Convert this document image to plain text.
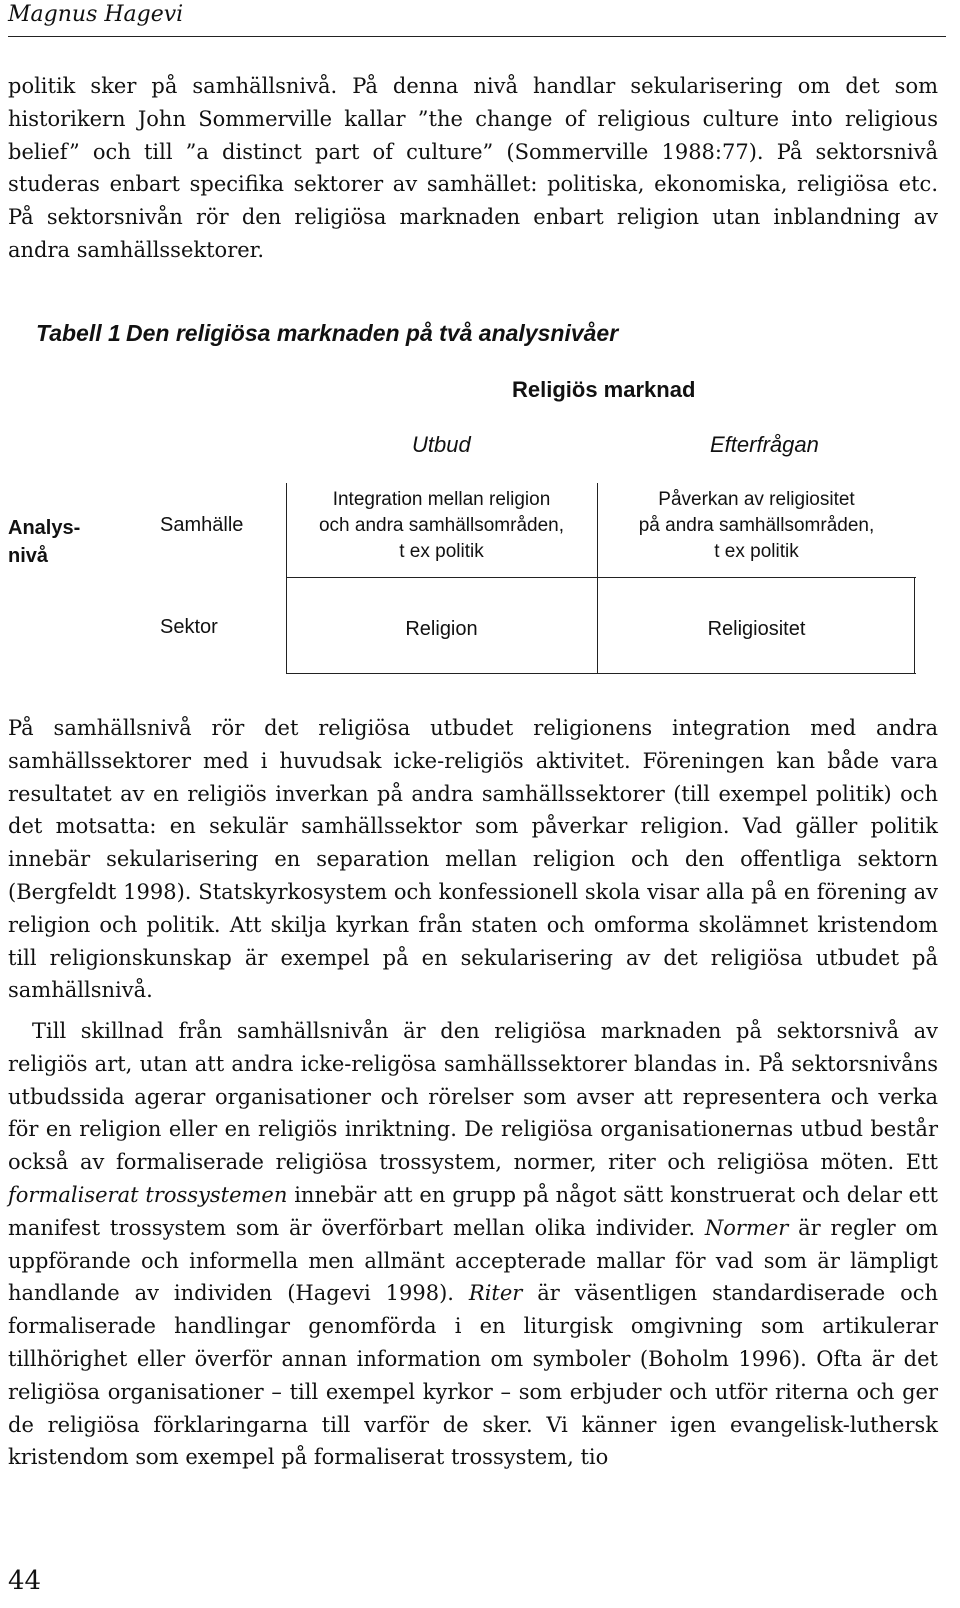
Magnus Hagevi

politik sker på samhällsnivå. På denna nivå handlar sekularisering om det som historikern John Sommerville kallar ”the change of religious culture into religious belief” och till ”a distinct part of culture” (Sommerville 1988:77). På sektorsnivå studeras enbart specifika sektorer av samhället: politiska, ekonomiska, religiösa etc. På sektorsnivån rör den religiösa marknaden enbart religion utan inblandning av andra samhällssektorer.

Tabell 1 Den religiösa marknaden på två analysnivåer
Religiös marknad
Utbud	Efterfrågan
Analys-
nivå
Samhälle
Sektor
Integration mellan religion
och andra samhällsområden,
t ex politik
Påverkan av religiositet
på andra samhällsområden,
t ex politik
Religion	Religiositet

På samhällsnivå rör det religiösa utbudet religionens integration med andra samhällssektorer med i huvudsak icke-religiös aktivitet. Föreningen kan både vara resultatet av en religiös inverkan på andra samhällssektorer (till exempel politik) och det motsatta: en sekulär samhällssektor som påverkar religion. Vad gäller politik innebär sekularisering en separation mellan religion och den offentliga sektorn (Bergfeldt 1998). Statskyrkosystem och konfessionell skola visar alla på en förening av religion och politik. Att skilja kyrkan från staten och omforma skolämnet kristendom till religionskunskap är exempel på en sekularisering av det religiösa utbudet på samhällsnivå.

Till skillnad från samhällsnivån är den religiösa marknaden på sektorsnivå av religiös art, utan att andra icke-religösa samhällssektorer blandas in. På sektorsnivåns utbudssida agerar organisationer och rörelser som avser att representera och verka för en religion eller en religiös inriktning. De religiösa organisationernas utbud består också av formaliserade religiösa trossystem, normer, riter och religiösa möten. Ett formaliserat trossystemen innebär att en grupp på något sätt konstruerat och delar ett manifest trossystem som är överförbart mellan olika individer. Normer är regler om uppförande och informella men allmänt accepterade mallar för vad som är lämpligt handlande av individen (Hagevi 1998). Riter är väsentligen standardiserade och formaliserade handlingar genomförda i en liturgisk omgivning som artikulerar tillhörighet eller överför annan information om symboler (Boholm 1996). Ofta är det religiösa organisationer – till exempel kyrkor – som erbjuder och utför riterna och ger de religiösa förklaringarna till varför de sker. Vi känner igen evangelisk-luthersk kristendom som exempel på formaliserat trossystem, tio

44
